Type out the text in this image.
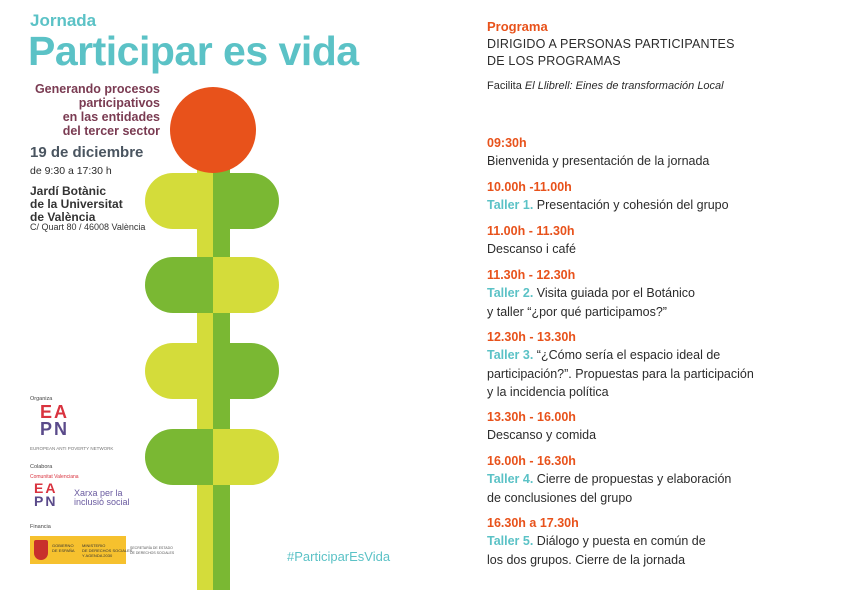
Jornada
Participar es vida
Generando procesos
participativos
en las entidades
del tercer sector
19 de diciembre
de 9:30 a 17:30 h
Jardí Botànic
de la Universitat
de València
C/ Quart 80 / 46008 València
Organiza
EA
PN
EUROPEAN ANTI POVERTY NETWORK
Colabora
Comunitat Valenciana
EA
PN Xarxa per la
inclusió social
Financia
GOBIERNO
DE ESPAÑA
MINISTERIO
DE DERECHOS SOCIALES
Y AGENDA 2030
SECRETARÍA DE ESTADO
DE DERECHOS SOCIALES	#ParticiparEsVida
Programa
DIRIGIDO A PERSONAS PARTICIPANTES
DE LOS PROGRAMAS
Facilita El Llibrell: Eines de transformación Local
09:30h
Bienvenida y presentación de la jornada
10.00h -11.00h
Taller 1. Presentación y cohesión del grupo
11.00h - 11.30h
Descanso i café
11.30h - 12.30h
Taller 2. Visita guiada por el Botánico
y taller “¿por qué participamos?”
12.30h - 13.30h
Taller 3. “¿Cómo sería el espacio ideal de
participación?”. Propuestas para la participación
y la incidencia política
13.30h - 16.00h
Descanso y comida
16.00h - 16.30h
Taller 4. Cierre de propuestas y elaboración
de conclusiones del grupo
16.30h a 17.30h
Taller 5. Diálogo y puesta en común de
los dos grupos. Cierre de la jornada
